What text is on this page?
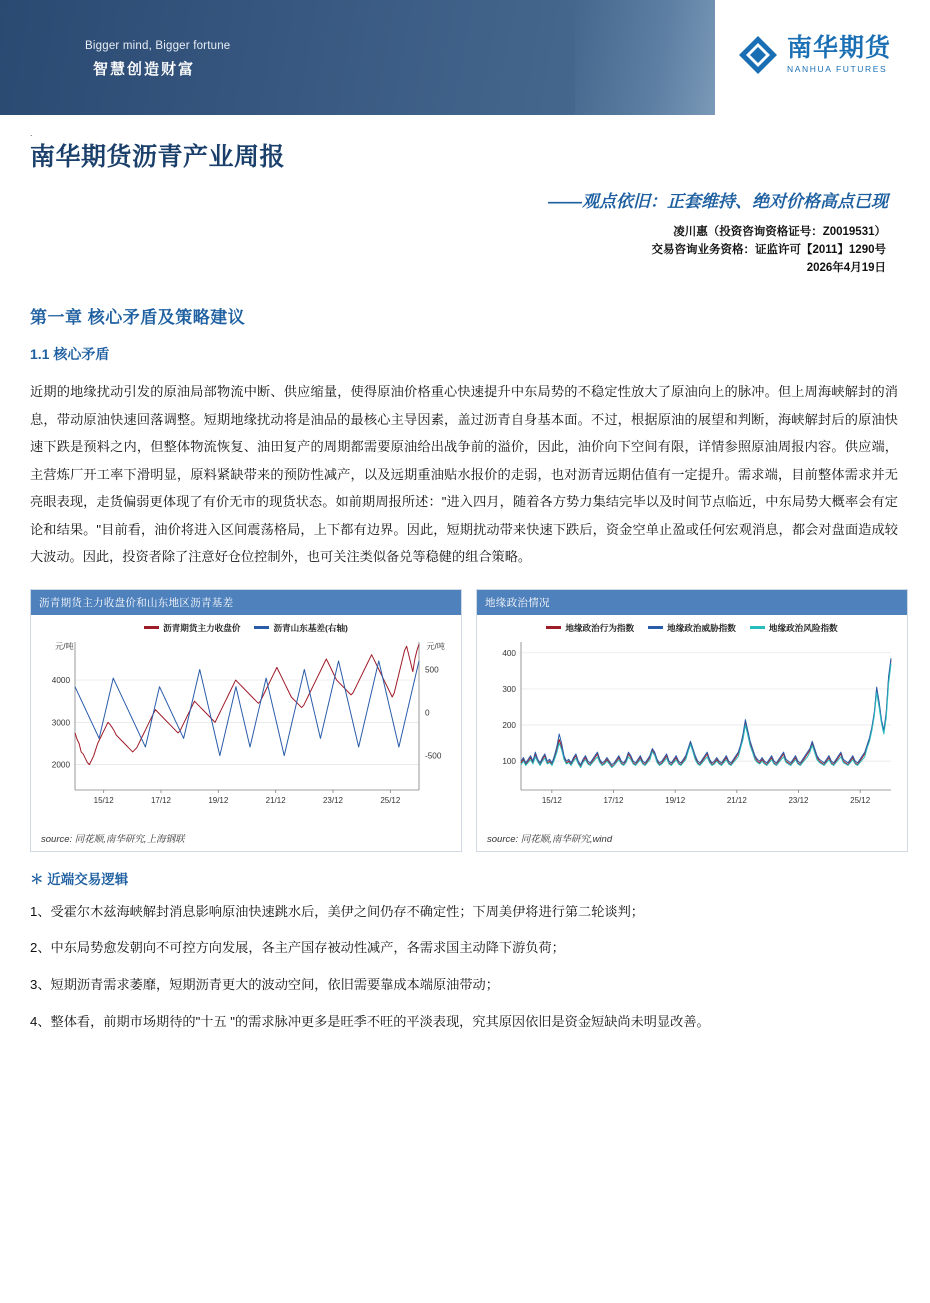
Bigger mind, Bigger fortune
智慧创造财富
南华期货
NANHUA FUTURES
.
南华期货沥青产业周报
——观点依旧：正套维持、绝对价格高点已现
凌川惠（投资咨询资格证号：Z0019531）
交易咨询业务资格：证监许可【2011】1290号
2026年4月19日
第一章 核心矛盾及策略建议
1.1 核心矛盾
近期的地缘扰动引发的原油局部物流中断、供应缩量，使得原油价格重心快速提升中东局势的不稳定性放大了原油向上的脉冲。但上周海峡解封的消息，带动原油快速回落调整。短期地缘扰动将是油品的最核心主导因素，盖过沥青自身基本面。不过，根据原油的展望和判断，海峡解封后的原油快速下跌是预料之内，但整体物流恢复、油田复产的周期都需要原油给出战争前的溢价，因此，油价向下空间有限，详情参照原油周报内容。供应端，主营炼厂开工率下滑明显，原料紧缺带来的预防性减产，以及远期重油贴水报价的走弱，也对沥青远期估值有一定提升。需求端，目前整体需求并无亮眼表现，走货偏弱更体现了有价无市的现货状态。如前期周报所述："进入四月，随着各方势力集结完毕以及时间节点临近，中东局势大概率会有定论和结果。"目前看，油价将进入区间震荡格局，上下都有边界。因此，短期扰动带来快速下跌后，资金空单止盈或任何宏观消息，都会对盘面造成较大波动。因此，投资者除了注意好仓位控制外，也可关注类似备兑等稳健的组合策略。
沥青期货主力收盘价和山东地区沥青基差
沥青期货主力收盘价	沥青山东基差(右轴)
元/吨	元/吨
2000
3000
4000
-500
0
500
15/12	17/12	19/12	21/12	23/12	25/12
source: 同花顺,南华研究,上海钢联
地缘政治情况
地缘政治行为指数	地缘政治威胁指数	地缘政治风险指数
100
200
300
400
15/12	17/12	19/12	21/12	23/12	25/12
source: 同花顺,南华研究,wind
＊ 近端交易逻辑
1、受霍尔木兹海峡解封消息影响原油快速跳水后，美伊之间仍存不确定性；下周美伊将进行第二轮谈判；
2、中东局势愈发朝向不可控方向发展，各主产国存被动性减产，各需求国主动降下游负荷；
3、短期沥青需求萎靡，短期沥青更大的波动空间，依旧需要靠成本端原油带动；
4、整体看，前期市场期待的"十五 "的需求脉冲更多是旺季不旺的平淡表现，究其原因依旧是资金短缺尚未明显改善。
